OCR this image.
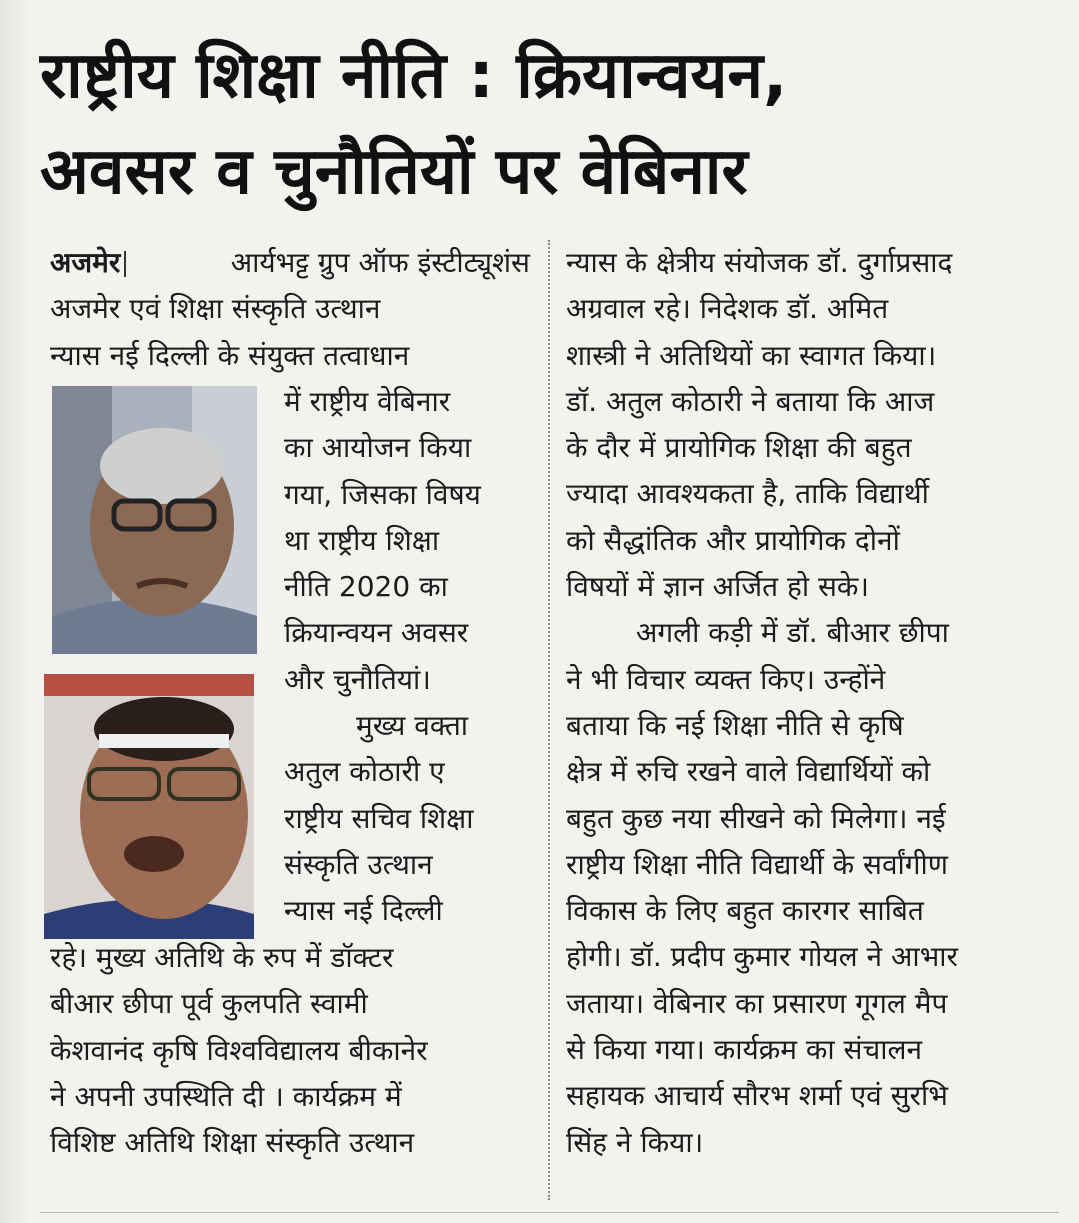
राष्ट्रीय शिक्षा नीति : क्रियान्वयन,
अवसर व चुनौतियों पर वेबिनार
अजमेर	आर्यभट्ट ग्रुप ऑफ इंस्टीट्यूशंस
अजमेर एवं शिक्षा संस्कृति उत्थान
न्यास नई दिल्ली के संयुक्त तत्वाधान
में राष्ट्रीय वेबिनार
का आयोजन किया
गया, जिसका विषय
था राष्ट्रीय शिक्षा
नीति 2020 का
क्रियान्वयन अवसर
और चुनौतियां।
मुख्य वक्ता
अतुल कोठारी ए
राष्ट्रीय सचिव शिक्षा
संस्कृति उत्थान
न्यास नई दिल्ली
रहे। मुख्य अतिथि के रुप में डॉक्टर
बीआर छीपा पूर्व कुलपति स्वामी
केशवानंद कृषि विश्वविद्यालय बीकानेर
ने अपनी उपस्थिति दी । कार्यक्रम में
विशिष्ट अतिथि शिक्षा संस्कृति उत्थान
न्यास के क्षेत्रीय संयोजक डॉ. दुर्गाप्रसाद
अग्रवाल रहे। निदेशक डॉ. अमित
शास्त्री ने अतिथियों का स्वागत किया।
डॉ. अतुल कोठारी ने बताया कि आज
के दौर में प्रायोगिक शिक्षा की बहुत
ज्यादा आवश्यकता है, ताकि विद्यार्थी
को सैद्धांतिक और प्रायोगिक दोनों
विषयों में ज्ञान अर्जित हो सके।
अगली कड़ी में डॉ. बीआर छीपा
ने भी विचार व्यक्त किए। उन्होंने
बताया कि नई शिक्षा नीति से कृषि
क्षेत्र में रुचि रखने वाले विद्यार्थियों को
बहुत कुछ नया सीखने को मिलेगा। नई
राष्ट्रीय शिक्षा नीति विद्यार्थी के सर्वांगीण
विकास के लिए बहुत कारगर साबित
होगी। डॉ. प्रदीप कुमार गोयल ने आभार
जताया। वेबिनार का प्रसारण गूगल मैप
से किया गया। कार्यक्रम का संचालन
सहायक आचार्य सौरभ शर्मा एवं सुरभि
सिंह ने किया।
